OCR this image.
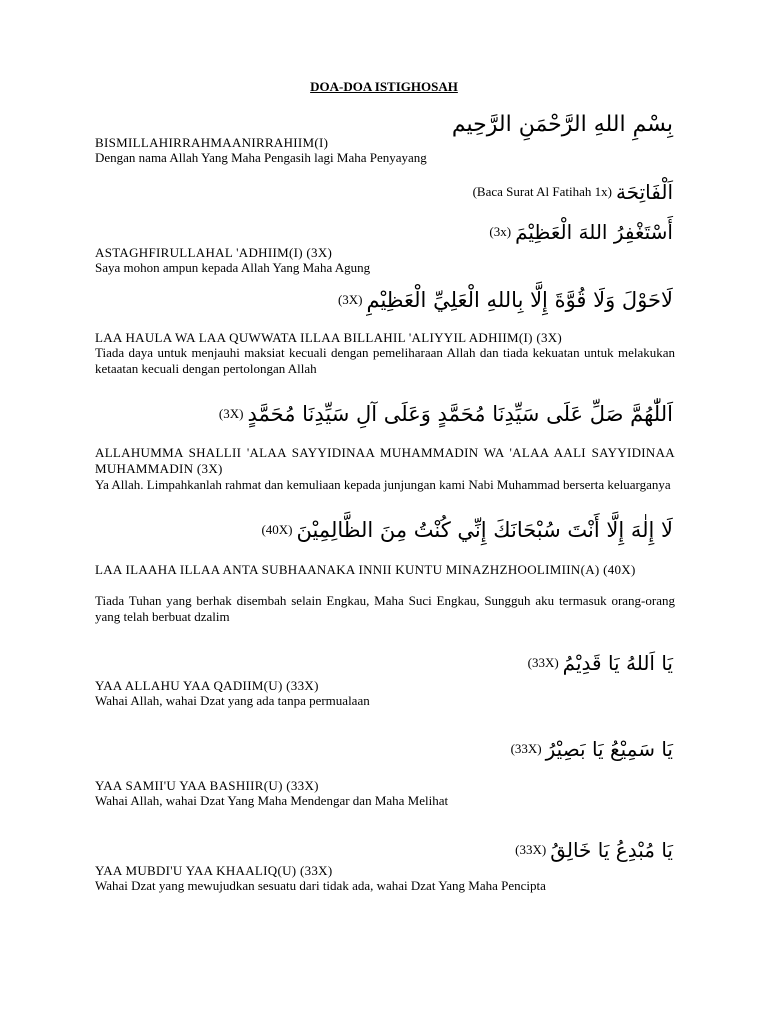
DOA-DOA ISTIGHOSAH
بِسْمِ اللهِ الرَّحْمَنِ الرَّحِيم
BISMILLAHIRRAHMAANIRRAHIIM(I)
Dengan nama Allah Yang Maha Pengasih lagi Maha Penyayang
(Baca Surat Al Fatihah 1x) اَلْفَاتِحَة
(3x) أَسْتَغْفِرُ اللهَ الْعَظِيْمَ
ASTAGHFIRULLAHAL 'ADHIIM(I) (3X)
Saya mohon ampun kepada Allah Yang Maha Agung
(3X) لَاحَوْلَ وَلَا قُوَّةَ إِلَّا بِاللهِ الْعَلِيِّ الْعَظِيْمِ
LAA HAULA WA LAA QUWWATA ILLAA BILLAHIL 'ALIYYIL ADHIIM(I) (3X)
Tiada daya untuk menjauhi maksiat kecuali dengan pemeliharaan Allah dan tiada kekuatan untuk melakukan ketaatan kecuali dengan pertolongan Allah
(3X) اَللّٰهُمَّ صَلِّ عَلَى سَيِّدِنَا مُحَمَّدٍ وَعَلَى آلِ سَيِّدِنَا مُحَمَّدٍ
ALLAHUMMA SHALLII 'ALAA SAYYIDINAA MUHAMMADIN WA 'ALAA AALI SAYYIDINAA MUHAMMADIN (3X)
Ya Allah. Limpahkanlah rahmat dan kemuliaan kepada junjungan kami Nabi Muhammad berserta keluarganya
(40X) لَا إِلٰهَ إِلَّا أَنْتَ سُبْحَانَكَ إِنِّي كُنْتُ مِنَ الظَّالِمِيْنَ
LAA ILAAHA ILLAA ANTA SUBHAANAKA INNII KUNTU MINAZHZHOOLIMIIN(A) (40X)
Tiada Tuhan yang berhak disembah selain Engkau, Maha Suci Engkau, Sungguh aku termasuk orang-orang yang telah berbuat dzalim
(33X) يَا اَللهُ يَا قَدِيْمُ
YAA ALLAHU YAA QADIIM(U) (33X)
Wahai Allah, wahai Dzat yang ada tanpa permualaan
(33X) يَا سَمِيْعُ يَا بَصِيْرُ
YAA SAMII'U YAA BASHIIR(U) (33X)
Wahai Allah, wahai Dzat Yang Maha Mendengar dan Maha Melihat
(33X) يَا مُبْدِعُ يَا خَالِقُ
YAA MUBDI'U YAA KHAALIQ(U) (33X)
Wahai Dzat yang mewujudkan sesuatu dari tidak ada, wahai Dzat Yang Maha Pencipta
